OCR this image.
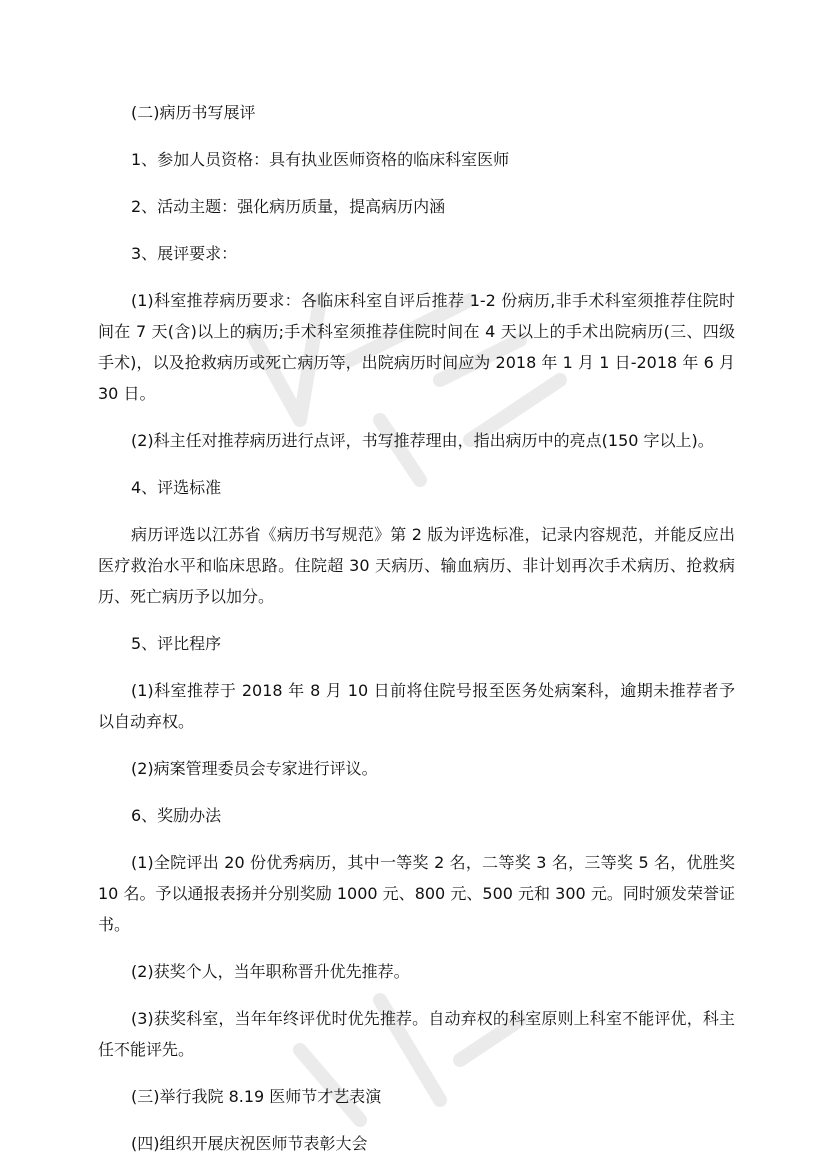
(二)病历书写展评

1、参加人员资格：具有执业医师资格的临床科室医师

2、活动主题：强化病历质量，提高病历内涵

3、展评要求：

(1)科室推荐病历要求：各临床科室自评后推荐 1-2 份病历,非手术科室须推荐住院时间在 7 天(含)以上的病历;手术科室须推荐住院时间在 4 天以上的手术出院病历(三、四级手术)，以及抢救病历或死亡病历等，出院病历时间应为 2018 年 1 月 1 日-2018 年 6 月 30 日。

(2)科主任对推荐病历进行点评，书写推荐理由，指出病历中的亮点(150 字以上)。

4、评选标准

病历评选以江苏省《病历书写规范》第 2 版为评选标准，记录内容规范，并能反应出医疗救治水平和临床思路。住院超 30 天病历、输血病历、非计划再次手术病历、抢救病历、死亡病历予以加分。

5、评比程序

(1)科室推荐于 2018 年 8 月 10 日前将住院号报至医务处病案科，逾期未推荐者予以自动弃权。

(2)病案管理委员会专家进行评议。

6、奖励办法

(1)全院评出 20 份优秀病历，其中一等奖 2 名，二等奖 3 名，三等奖 5 名，优胜奖 10 名。予以通报表扬并分别奖励 1000 元、800 元、500 元和 300 元。同时颁发荣誉证书。

(2)获奖个人，当年职称晋升优先推荐。

(3)获奖科室，当年年终评优时优先推荐。自动弃权的科室原则上科室不能评优，科主任不能评先。

(三)举行我院 8.19 医师节才艺表演

(四)组织开展庆祝医师节表彰大会
